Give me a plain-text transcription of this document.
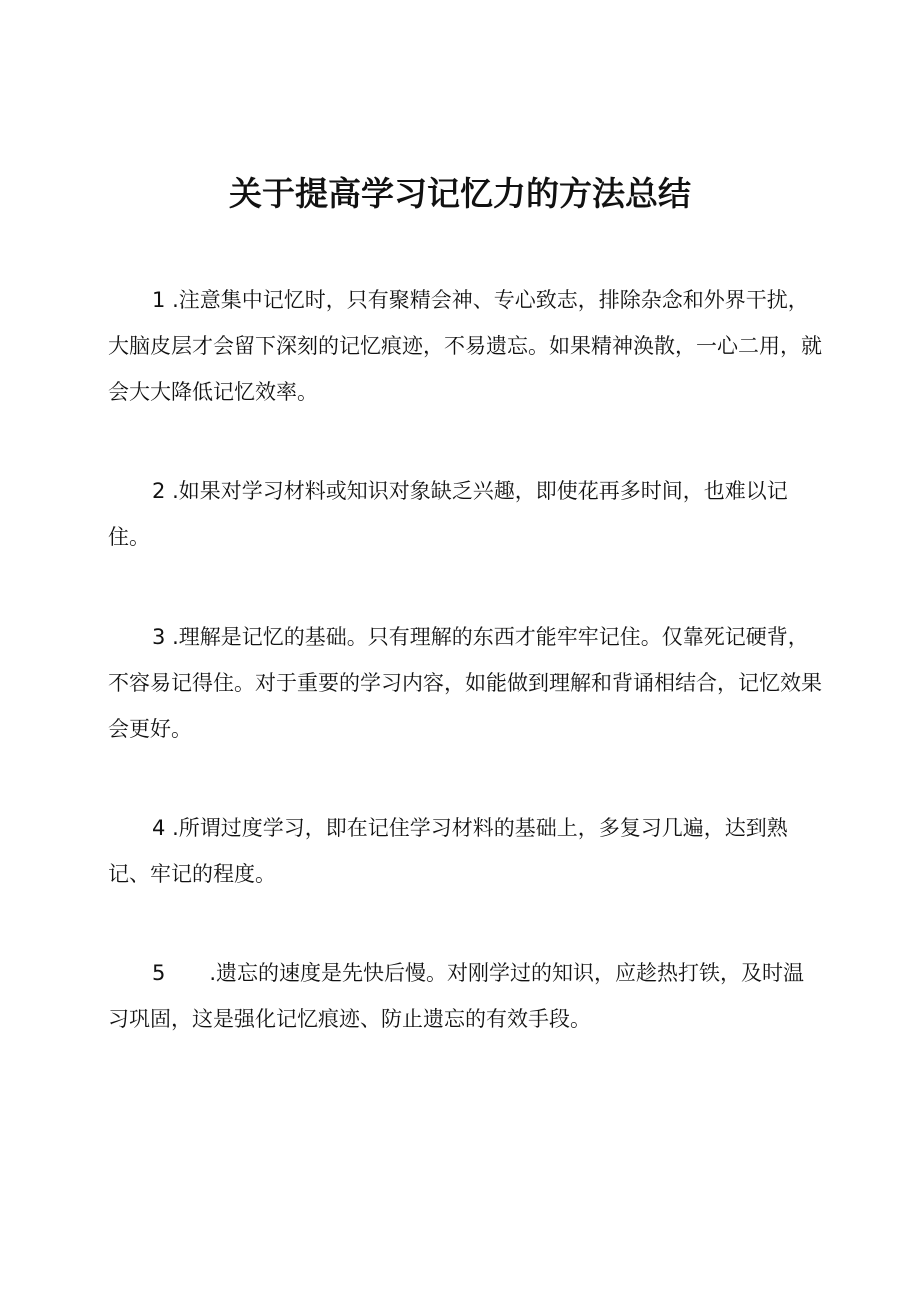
关于提高学习记忆力的方法总结

1 .注意集中记忆时，只有聚精会神、专心致志，排除杂念和外界干扰，大脑皮层才会留下深刻的记忆痕迹，不易遗忘。如果精神涣散，一心二用，就会大大降低记忆效率。

2 .如果对学习材料或知识对象缺乏兴趣，即使花再多时间，也难以记住。

3 .理解是记忆的基础。只有理解的东西才能牢牢记住。仅靠死记硬背，不容易记得住。对于重要的学习内容，如能做到理解和背诵相结合，记忆效果会更好。

4 .所谓过度学习，即在记住学习材料的基础上，多复习几遍，达到熟记、牢记的程度。

5 .遗忘的速度是先快后慢。对刚学过的知识，应趁热打铁，及时温习巩固，这是强化记忆痕迹、防止遗忘的有效手段。
